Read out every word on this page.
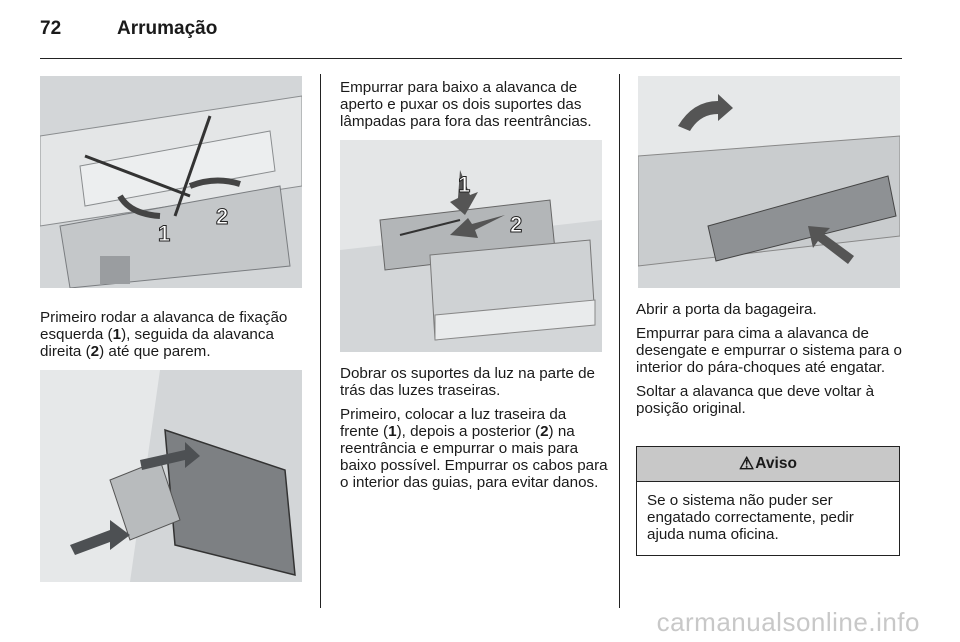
72	Arrumação
1
2

Primeiro rodar a alavanca de fixação esquerda (1), seguida da alavanca direita (2) até que parem.

Empurrar para baixo a alavanca de aperto e puxar os dois suportes das lâmpadas para fora das reentrâncias.

1
2

Dobrar os suportes da luz na parte de trás das luzes traseiras.

Primeiro, colocar a luz traseira da frente (1), depois a posterior (2) na reentrância e empurrar o mais para baixo possível. Empurrar os cabos para o interior das guias, para evitar danos.

Abrir a porta da bagageira.

Empurrar para cima a alavanca de desengate e empurrar o sistema para o interior do pára-choques até engatar.

Soltar a alavanca que deve voltar à posição original.

⚠ Aviso
Se o sistema não puder ser engatado correctamente, pedir ajuda numa oficina.
carmanualsonline.info
